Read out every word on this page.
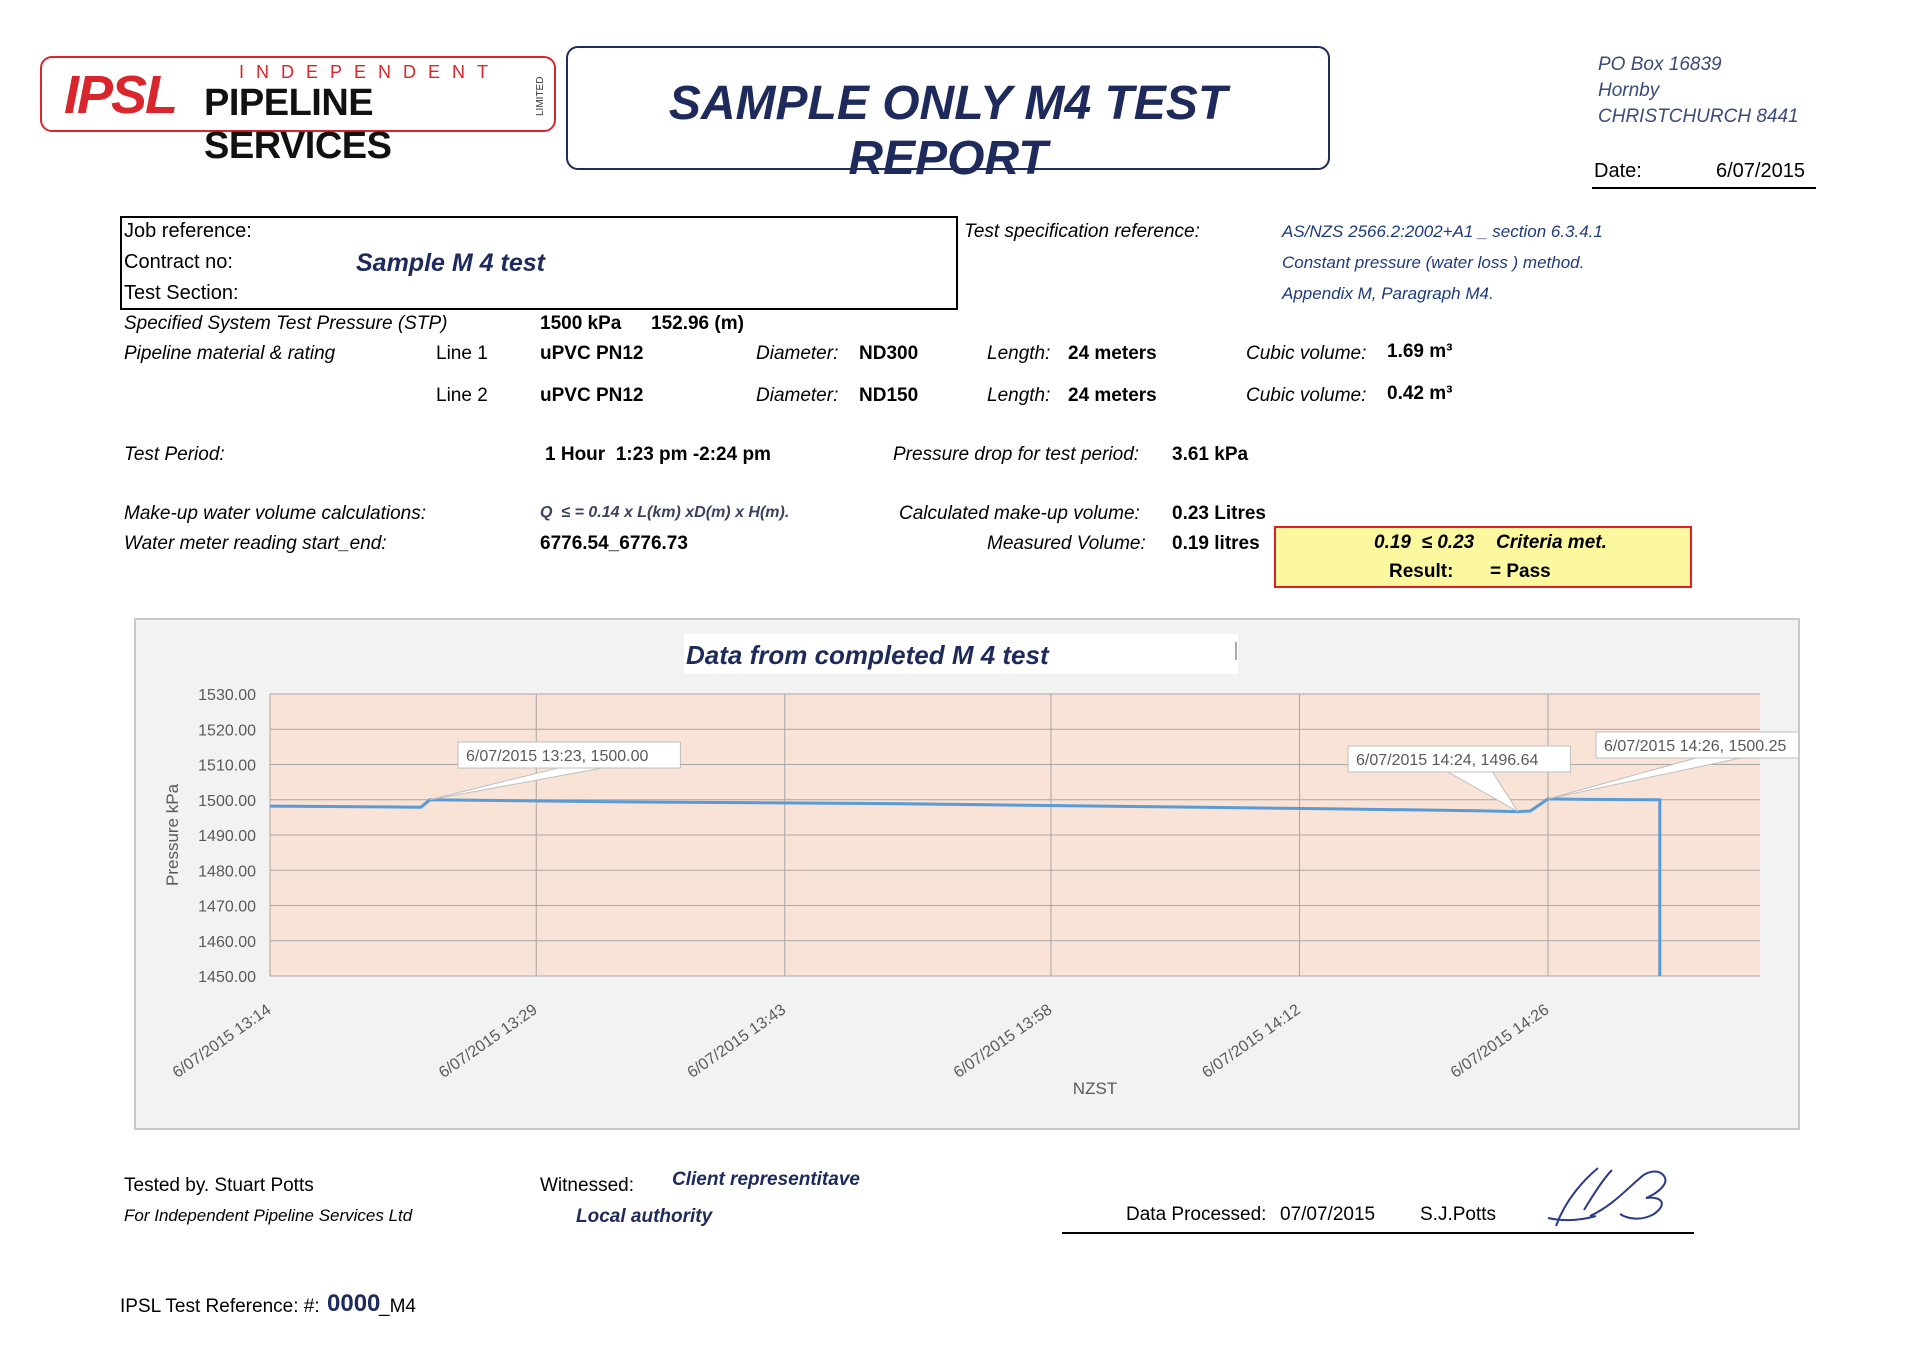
IPSL	INDEPENDENT
PIPELINE SERVICES
LIMITED	SAMPLE ONLY M4 TEST REPORT
PO Box 16839
Hornby
CHRISTCHURCH 8441
Date:	6/07/2015
Job reference:
Contract no:	Sample M 4 test
Test Section:
Test specification reference:	AS/NZS 2566.2:2002+A1 _ section 6.3.4.1
Constant pressure (water loss ) method.
Appendix M, Paragraph M4.
Specified System Test Pressure (STP)	1500 kPa 152.96 (m)
Pipeline material & rating	Line 1	uPVC PN12	Diameter: ND300	Length: 24 meters	Cubic volume: 1.69 m³
Line 2	uPVC PN12	Diameter: ND150	Length: 24 meters	Cubic volume: 0.42 m³
Test Period:	1 Hour  1:23 pm -2:24 pm	Pressure drop for test period: 3.61 kPa
Make-up water volume calculations:	Q  ≤ = 0.14 x L(km) xD(m) x H(m).	Calculated make-up volume: 0.23 Litres
Water meter reading start_end:	6776.54_6776.73	Measured Volume: 0.19 litres	0.19  ≤ 0.23 Criteria met.
Result: = Pass
Data from completed M 4 test
1530.00
1520.00
1510.00
1500.00
1490.00
1480.00
1470.00
1460.00
1450.00
6/07/2015 13:14	6/07/2015 13:29	6/07/2015 13:43	6/07/2015 13:58	6/07/2015 14:12	6/07/2015 14:26
NZST
Pressure kPa
6/07/2015 13:23, 1500.00	6/07/2015 14:24, 1496.64
6/07/2015 14:26, 1500.25
Tested by. Stuart Potts
For Independent Pipeline Services Ltd
Witnessed: Client representitave
Local authority	Data Processed: 07/07/2015 S.J.Potts
IPSL Test Reference: #: 0000
_M4
